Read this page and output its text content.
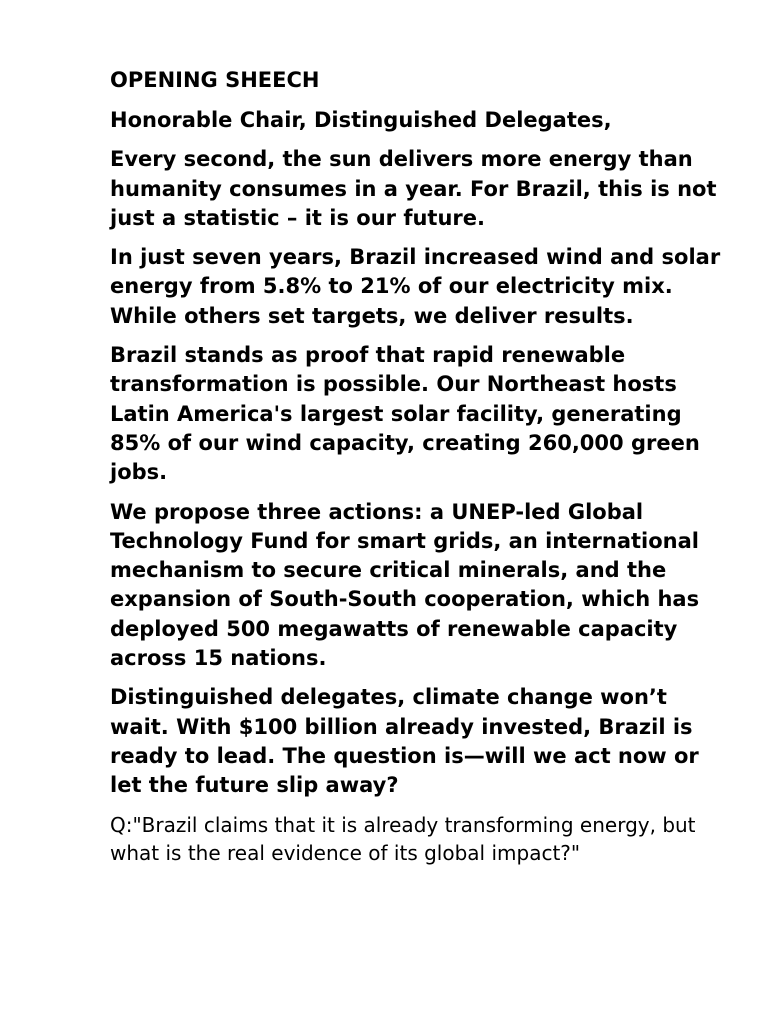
OPENING SHEECH

Honorable Chair, Distinguished Delegates,

Every second, the sun delivers more energy than humanity consumes in a year. For Brazil, this is not just a statistic – it is our future.

In just seven years, Brazil increased wind and solar energy from 5.8% to 21% of our electricity mix. While others set targets, we deliver results.

Brazil stands as proof that rapid renewable transformation is possible. Our Northeast hosts Latin America's largest solar facility, generating 85% of our wind capacity, creating 260,000 green jobs.

We propose three actions: a UNEP-led Global Technology Fund for smart grids, an international mechanism to secure critical minerals, and the expansion of South-South cooperation, which has deployed 500 megawatts of renewable capacity across 15 nations.

Distinguished delegates, climate change won’t wait. With $100 billion already invested, Brazil is ready to lead. The question is—will we act now or let the future slip away?

Q:"Brazil claims that it is already transforming energy, but what is the real evidence of its global impact?"
